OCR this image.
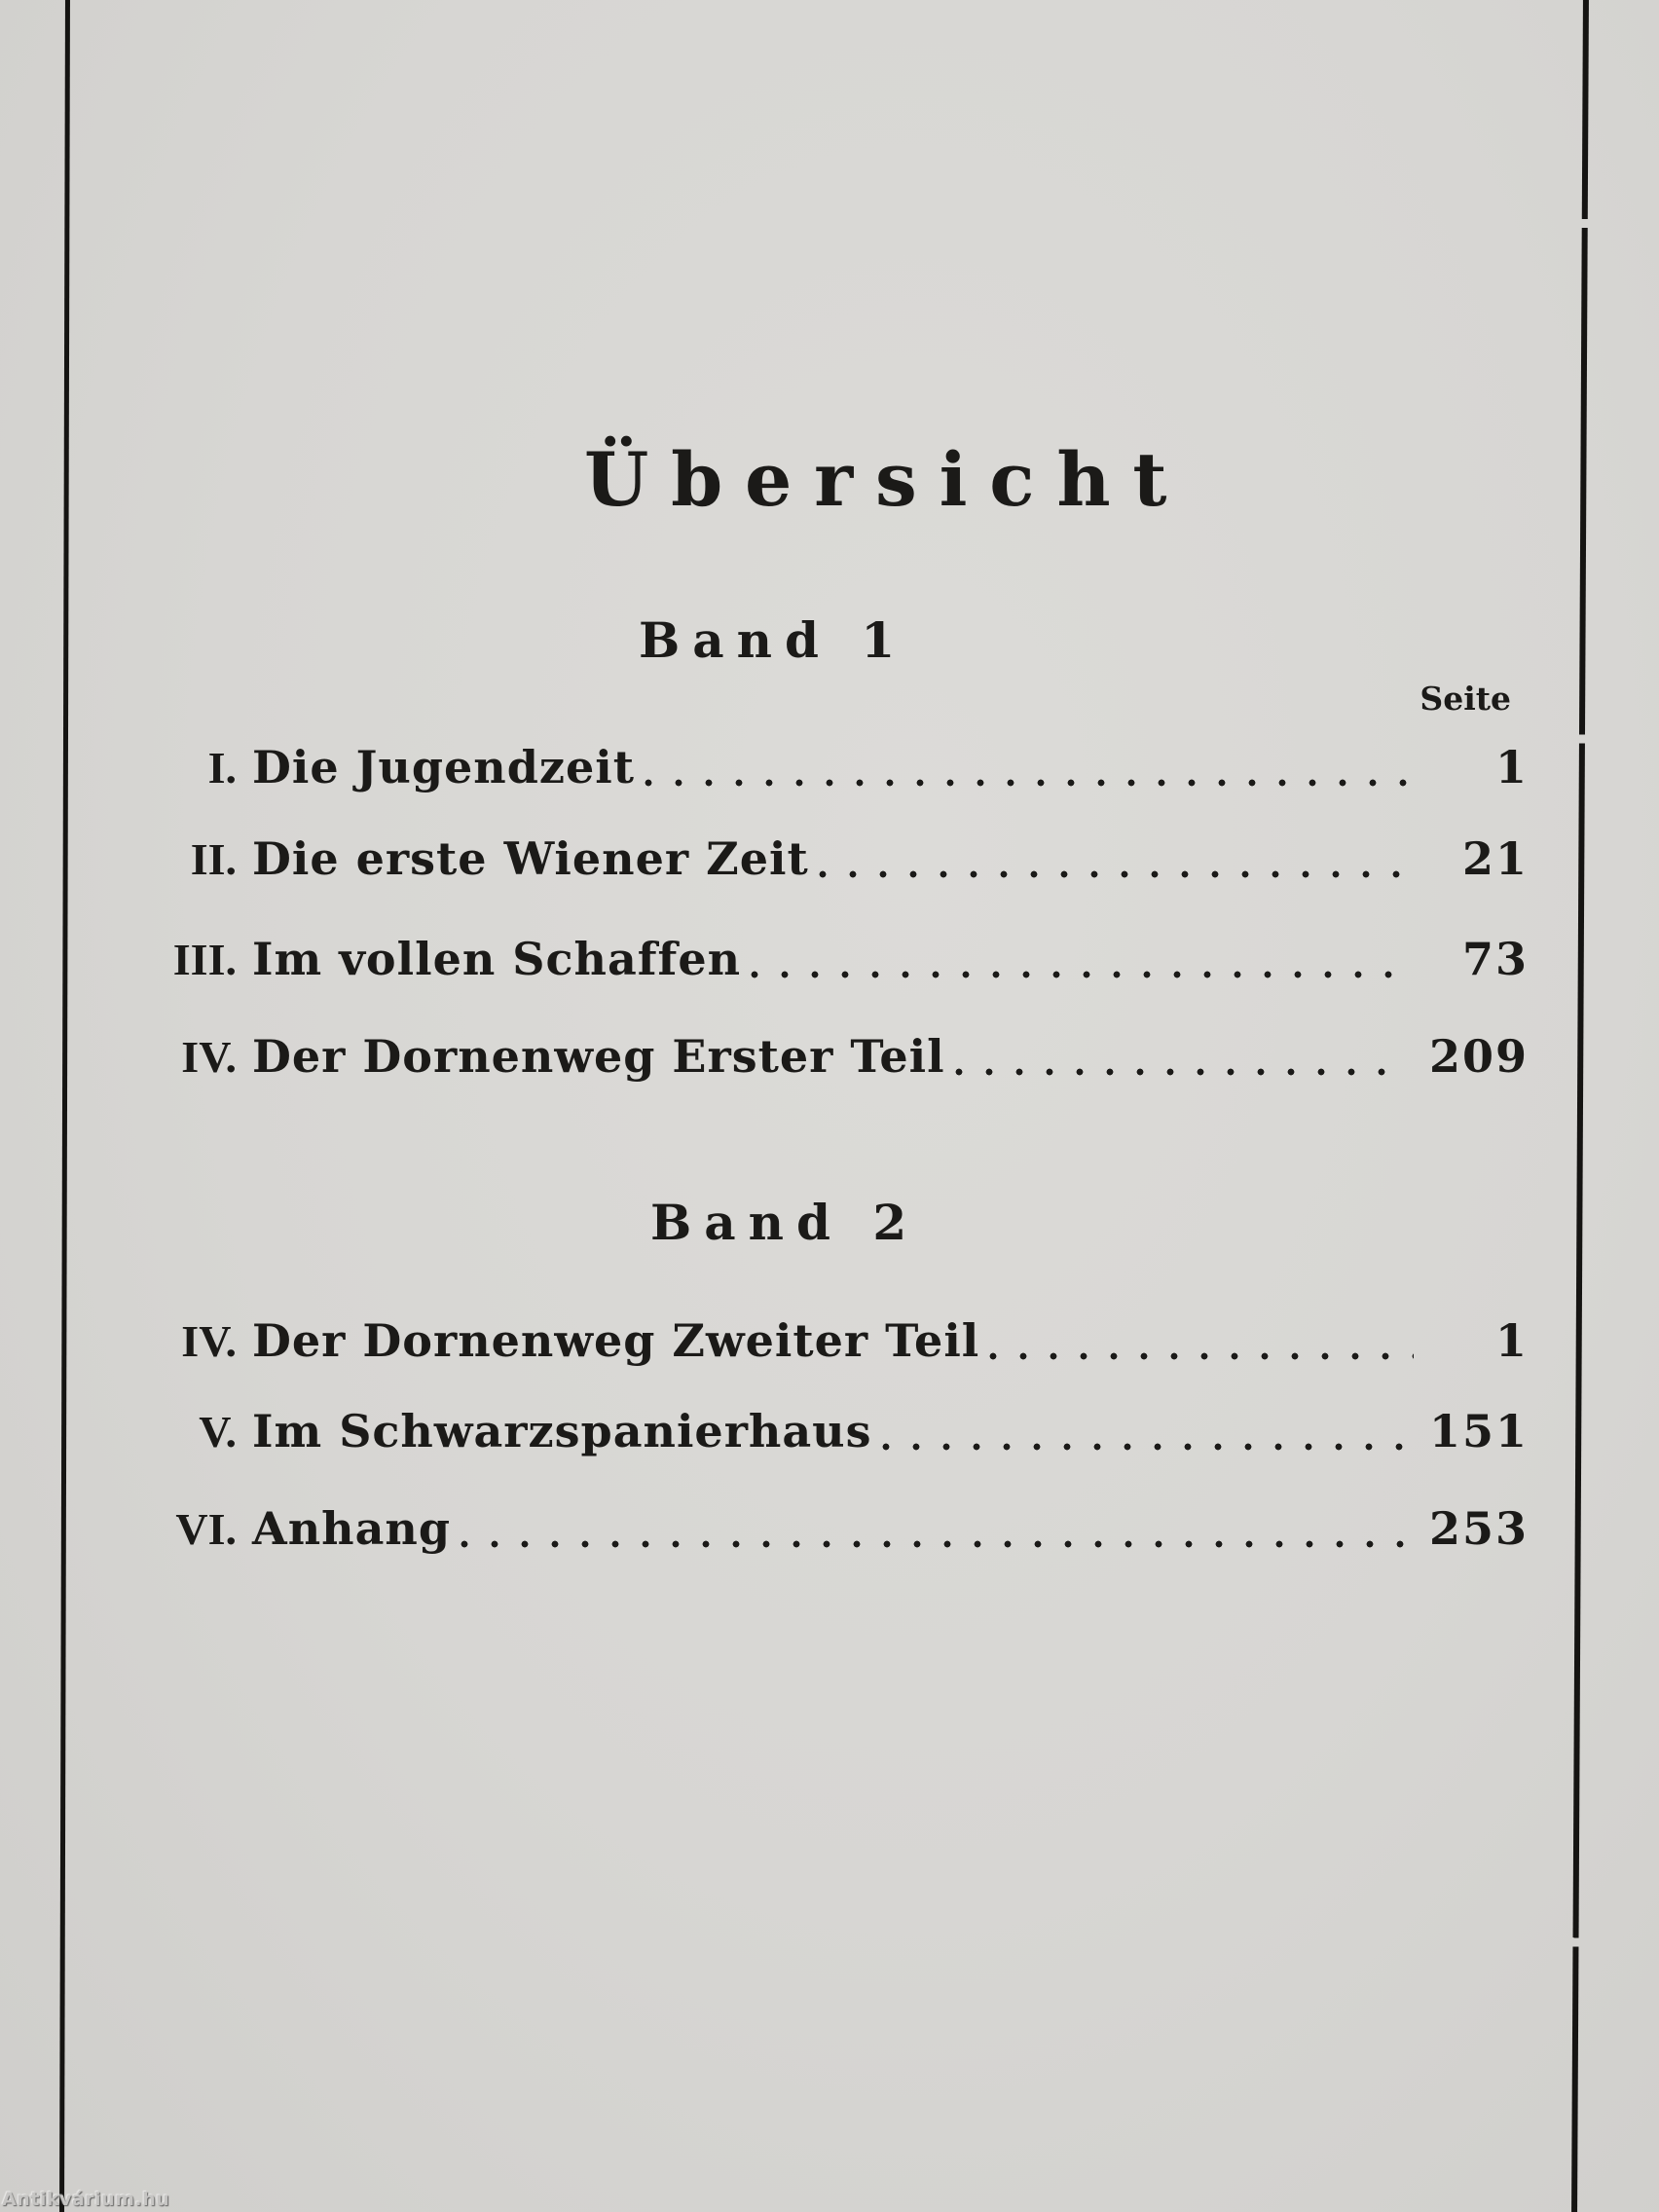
Übersicht
Band 1
Seite
I. Die Jugendzeit	1
II. Die erste Wiener Zeit	21
III. Im vollen Schaffen	73
IV. Der Dornenweg Erster Teil	209
Band 2
IV. Der Dornenweg Zweiter Teil	1
V. Im Schwarzspanierhaus	151
VI. Anhang	253
Antikvárium.hu
